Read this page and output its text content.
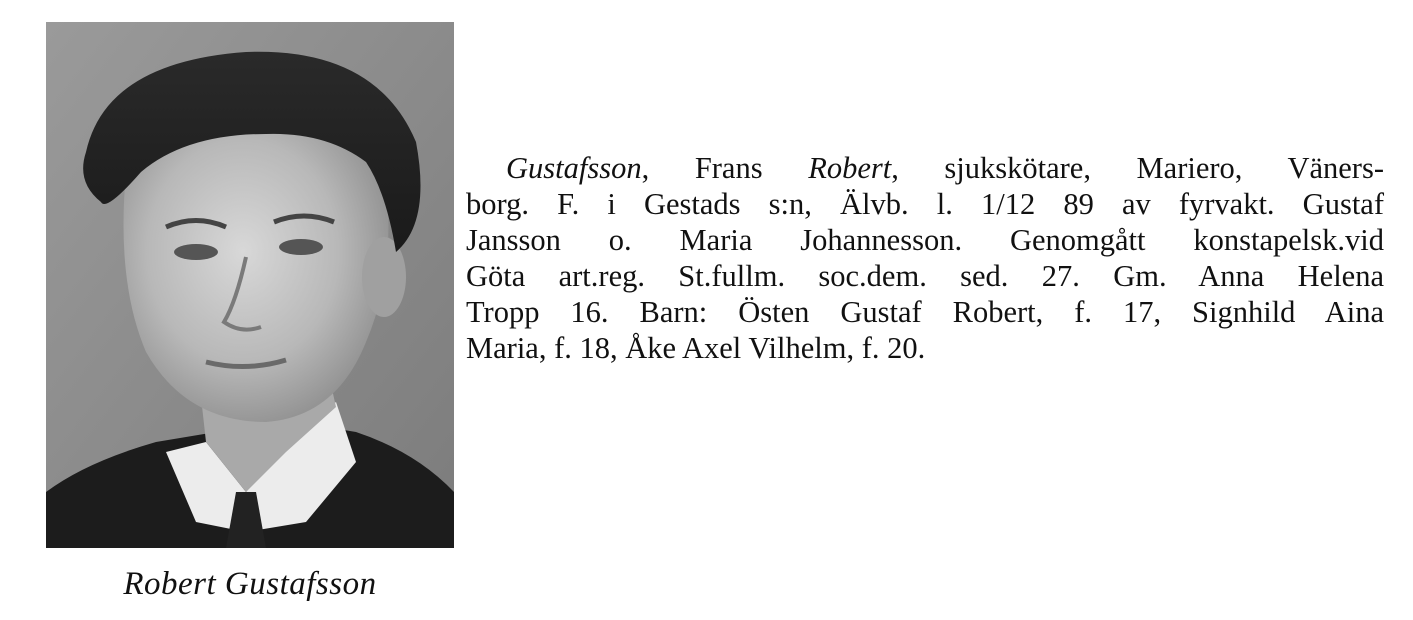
Robert Gustafsson
Gustafsson, Frans Robert, sjukskötare, Mariero, Väners-
borg. F. i Gestads s:n, Älvb. l. 1/12 89 av fyrvakt. Gustaf
Jansson o. Maria Johannesson. Genomgått konstapelsk.vid
Göta art.reg. St.fullm. soc.dem. sed. 27. Gm. Anna Helena
Tropp 16. Barn: Östen Gustaf Robert, f. 17, Signhild Aina
Maria, f. 18, Åke Axel Vilhelm, f. 20.
